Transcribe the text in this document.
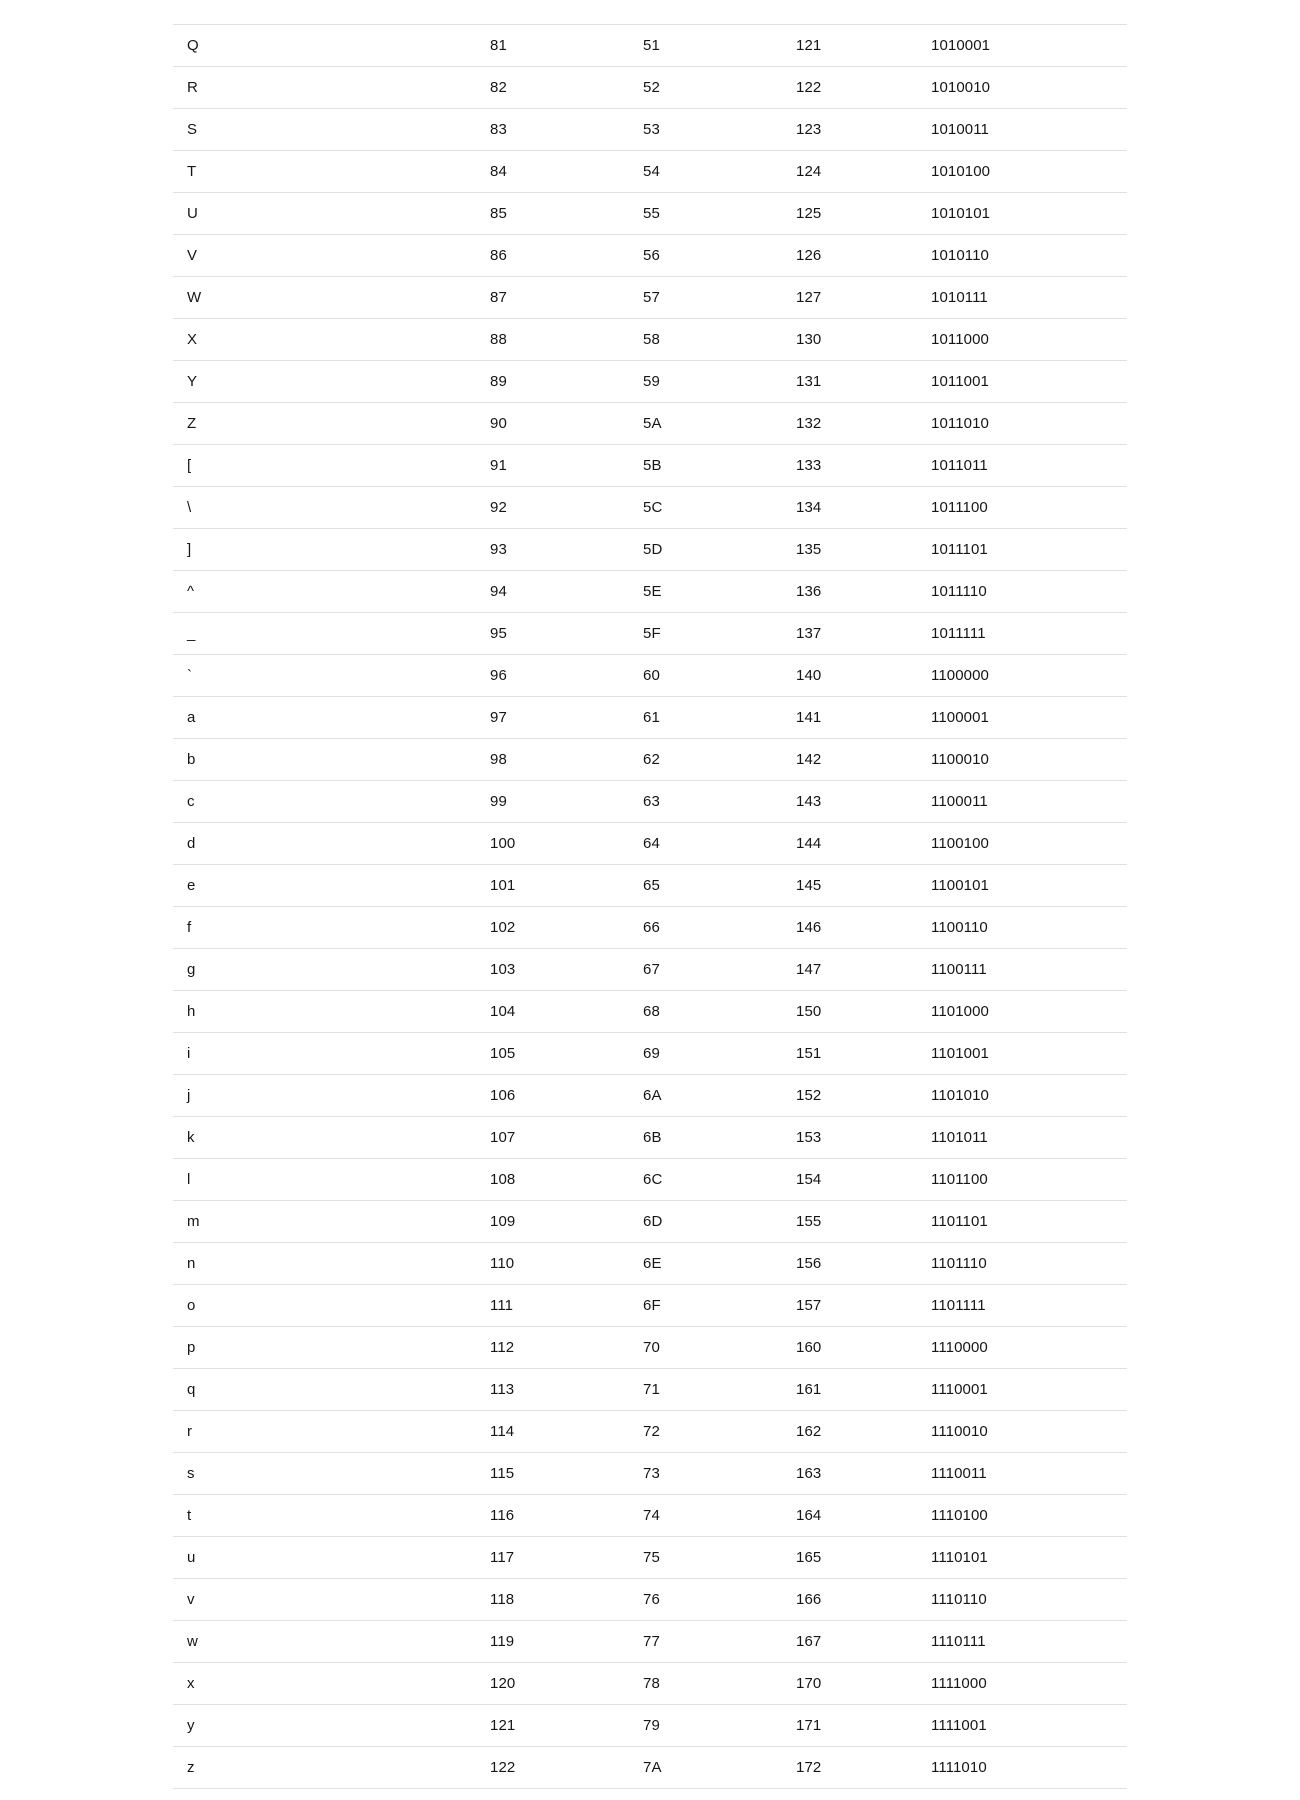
Q	81	51	121	1010001
R	82	52	122	1010010
S	83	53	123	1010011
T	84	54	124	1010100
U	85	55	125	1010101
V	86	56	126	1010110
W	87	57	127	1010111
X	88	58	130	1011000
Y	89	59	131	1011001
Z	90	5A	132	1011010
[	91	5B	133	1011011
\	92	5C	134	1011100
]	93	5D	135	1011101
^	94	5E	136	1011110
_	95	5F	137	1011111
`	96	60	140	1100000
a	97	61	141	1100001
b	98	62	142	1100010
c	99	63	143	1100011
d	100	64	144	1100100
e	101	65	145	1100101
f	102	66	146	1100110
g	103	67	147	1100111
h	104	68	150	1101000
i	105	69	151	1101001
j	106	6A	152	1101010
k	107	6B	153	1101011
l	108	6C	154	1101100
m	109	6D	155	1101101
n	110	6E	156	1101110
o	111	6F	157	1101111
p	112	70	160	1110000
q	113	71	161	1110001
r	114	72	162	1110010
s	115	73	163	1110011
t	116	74	164	1110100
u	117	75	165	1110101
v	118	76	166	1110110
w	119	77	167	1110111
x	120	78	170	1111000
y	121	79	171	1111001
z	122	7A	172	1111010
